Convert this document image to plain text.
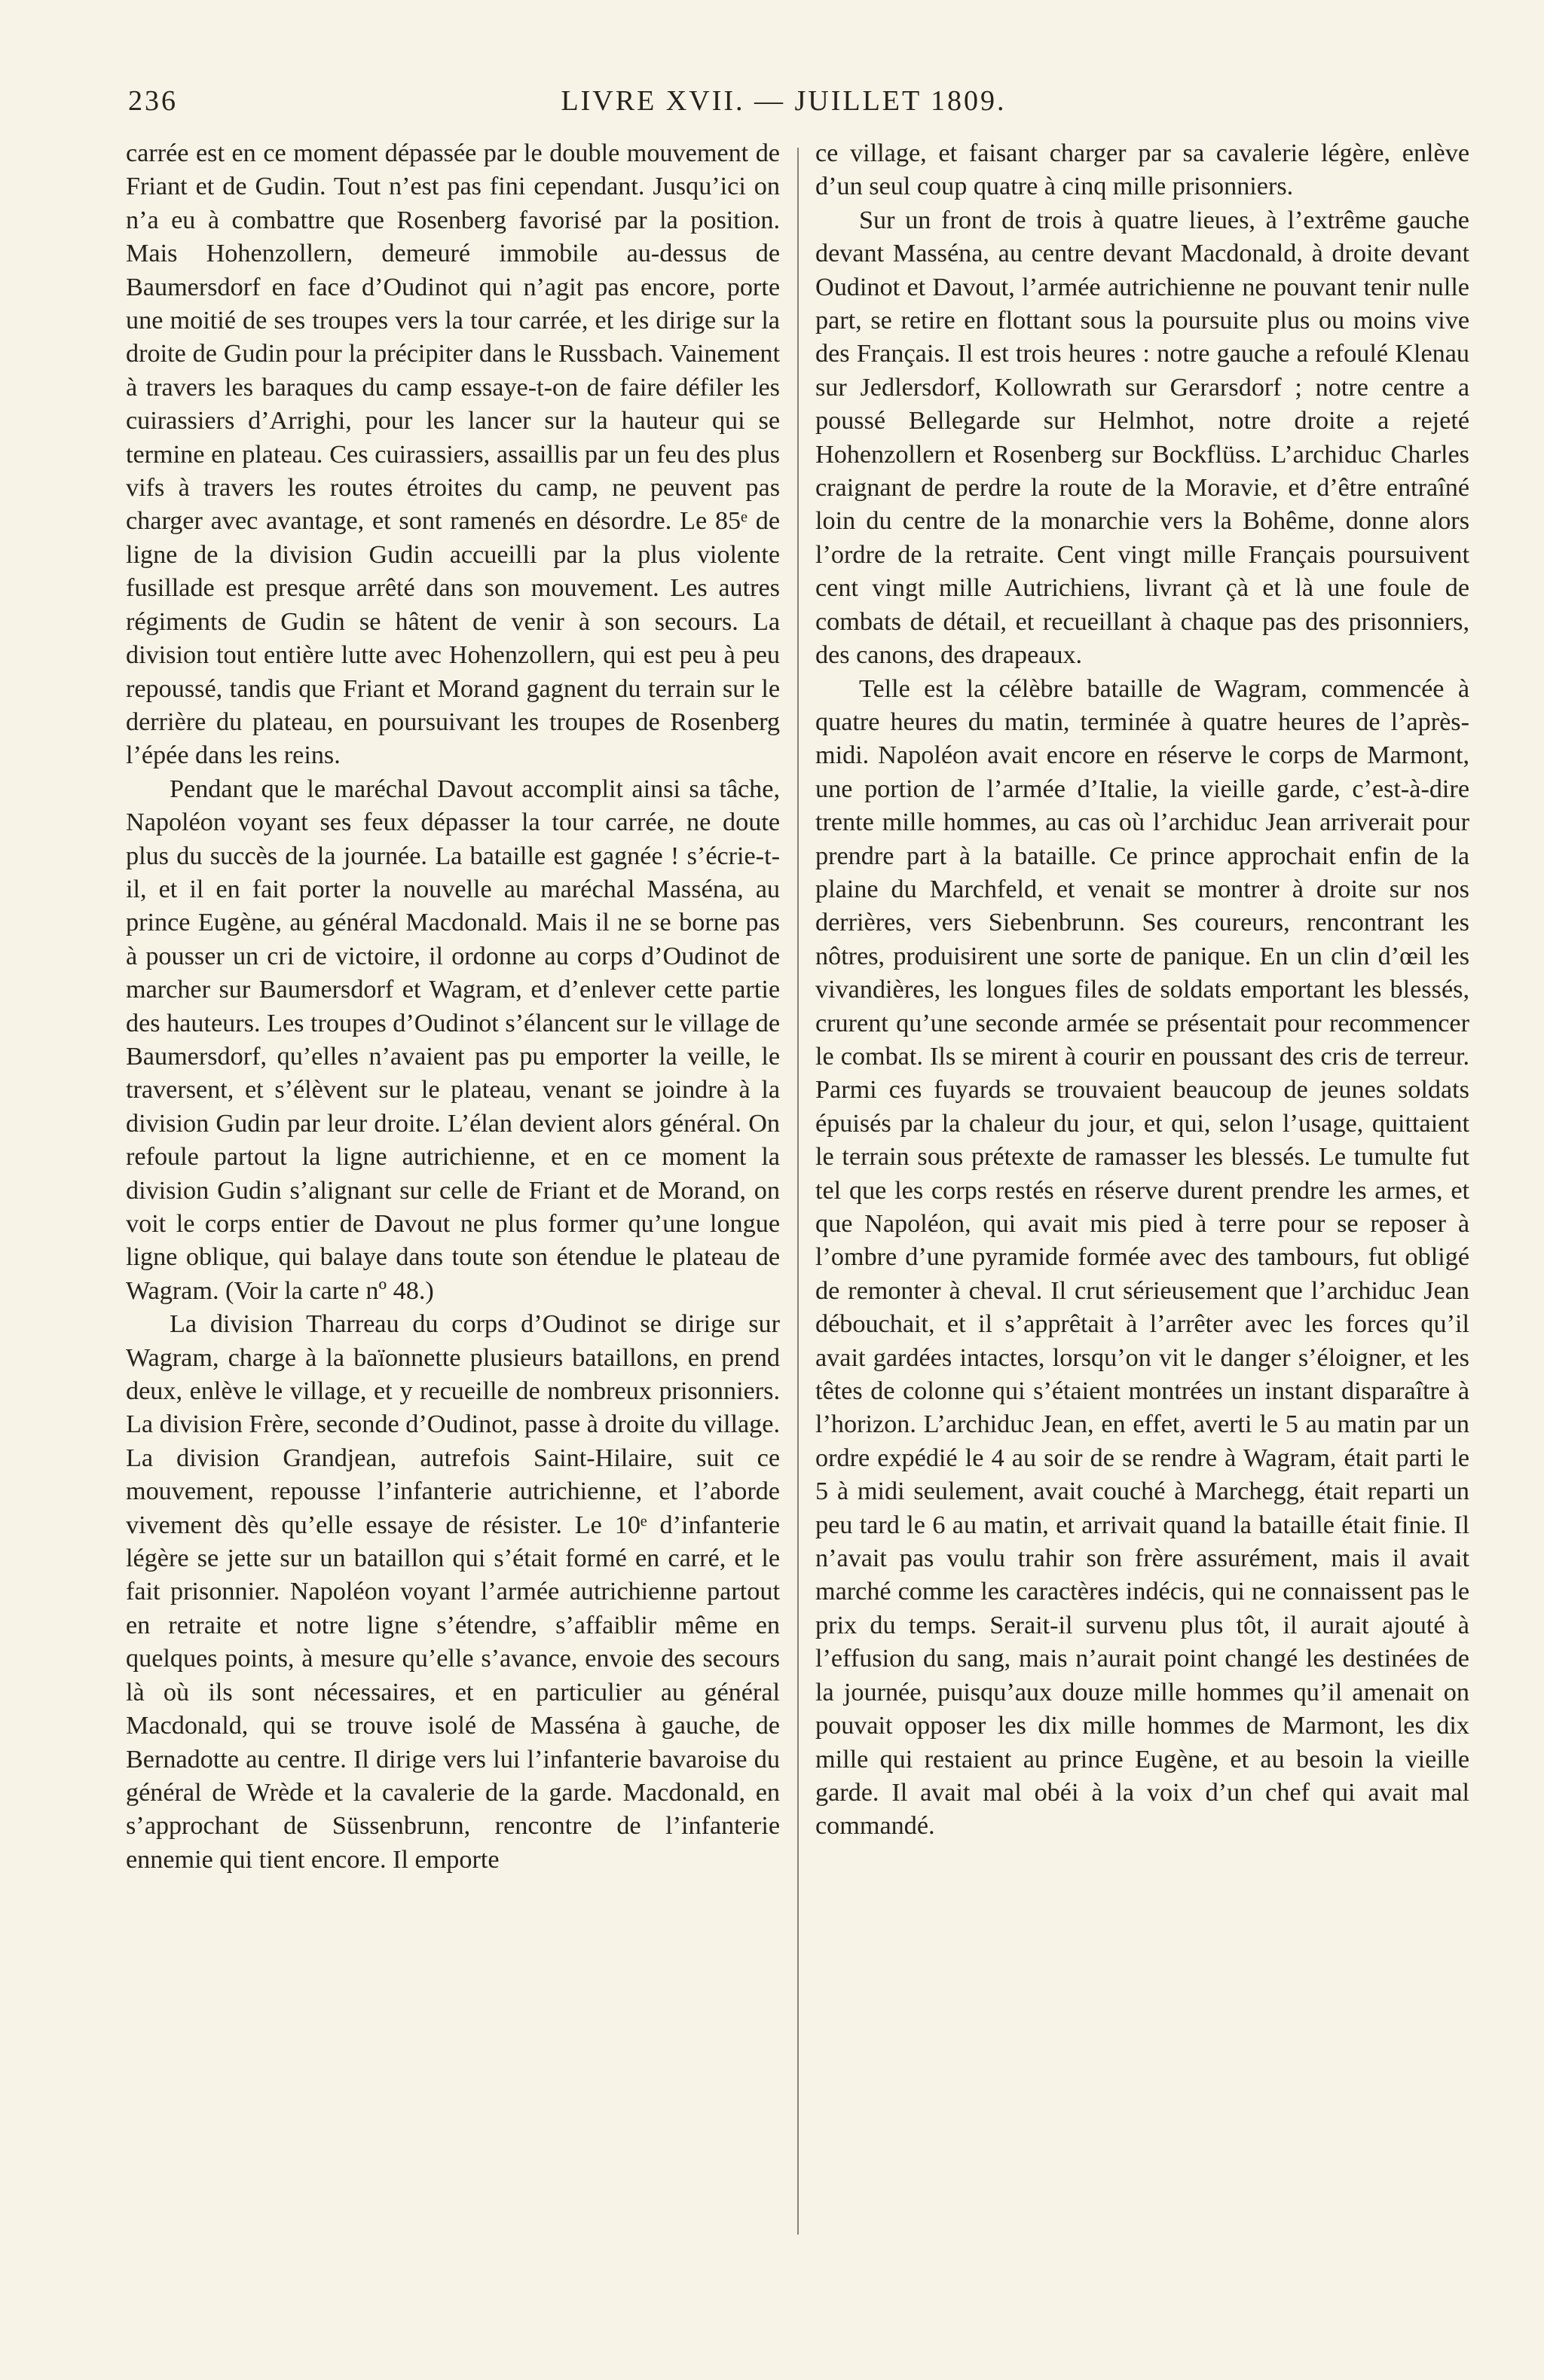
236	LIVRE XVII. — JUILLET 1809.

carrée est en ce moment dépassée par le double mouvement de Friant et de Gudin. Tout n’est pas fini cependant. Jusqu’ici on n’a eu à combattre que Rosenberg favorisé par la position. Mais Hohenzollern, demeuré immobile au-dessus de Baumersdorf en face d’Oudinot qui n’agit pas encore, porte une moitié de ses troupes vers la tour carrée, et les dirige sur la droite de Gudin pour la précipiter dans le Russbach. Vainement à travers les baraques du camp essaye-t-on de faire défiler les cuirassiers d’Arrighi, pour les lancer sur la hauteur qui se termine en plateau. Ces cuirassiers, assaillis par un feu des plus vifs à travers les routes étroites du camp, ne peuvent pas charger avec avantage, et sont ramenés en désordre. Le 85ᵉ de ligne de la division Gudin accueilli par la plus violente fusillade est presque arrêté dans son mouvement. Les autres régiments de Gudin se hâtent de venir à son secours. La division tout entière lutte avec Hohenzollern, qui est peu à peu repoussé, tandis que Friant et Morand gagnent du terrain sur le derrière du plateau, en poursuivant les troupes de Rosenberg l’épée dans les reins.

Pendant que le maréchal Davout accomplit ainsi sa tâche, Napoléon voyant ses feux dépasser la tour carrée, ne doute plus du succès de la journée. La bataille est gagnée ! s’écrie-t-il, et il en fait porter la nouvelle au maréchal Masséna, au prince Eugène, au général Macdonald. Mais il ne se borne pas à pousser un cri de victoire, il ordonne au corps d’Oudinot de marcher sur Baumersdorf et Wagram, et d’enlever cette partie des hauteurs. Les troupes d’Oudinot s’élancent sur le village de Baumersdorf, qu’elles n’avaient pas pu emporter la veille, le traversent, et s’élèvent sur le plateau, venant se joindre à la division Gudin par leur droite. L’élan devient alors général. On refoule partout la ligne autrichienne, et en ce moment la division Gudin s’alignant sur celle de Friant et de Morand, on voit le corps entier de Davout ne plus former qu’une longue ligne oblique, qui balaye dans toute son étendue le plateau de Wagram. (Voir la carte nº 48.)

La division Tharreau du corps d’Oudinot se dirige sur Wagram, charge à la baïonnette plusieurs bataillons, en prend deux, enlève le village, et y recueille de nombreux prisonniers. La division Frère, seconde d’Oudinot, passe à droite du village. La division Grandjean, autrefois Saint-Hilaire, suit ce mouvement, repousse l’infanterie autrichienne, et l’aborde vivement dès qu’elle essaye de résister. Le 10ᵉ d’infanterie légère se jette sur un bataillon qui s’était formé en carré, et le fait prisonnier. Napoléon voyant l’armée autrichienne partout en retraite et notre ligne s’étendre, s’affaiblir même en quelques points, à mesure qu’elle s’avance, envoie des secours là où ils sont nécessaires, et en particulier au général Macdonald, qui se trouve isolé de Masséna à gauche, de Bernadotte au centre. Il dirige vers lui l’infanterie bavaroise du général de Wrède et la cavalerie de la garde. Macdonald, en s’approchant de Süssenbrunn, rencontre de l’infanterie ennemie qui tient encore. Il emporte

ce village, et faisant charger par sa cavalerie légère, enlève d’un seul coup quatre à cinq mille prisonniers.

Sur un front de trois à quatre lieues, à l’extrême gauche devant Masséna, au centre devant Macdonald, à droite devant Oudinot et Davout, l’armée autrichienne ne pouvant tenir nulle part, se retire en flottant sous la poursuite plus ou moins vive des Français. Il est trois heures : notre gauche a refoulé Klenau sur Jedlersdorf, Kollowrath sur Gerarsdorf ; notre centre a poussé Bellegarde sur Helmhot, notre droite a rejeté Hohenzollern et Rosenberg sur Bockflüss. L’archiduc Charles craignant de perdre la route de la Moravie, et d’être entraîné loin du centre de la monarchie vers la Bohême, donne alors l’ordre de la retraite. Cent vingt mille Français poursuivent cent vingt mille Autrichiens, livrant çà et là une foule de combats de détail, et recueillant à chaque pas des prisonniers, des canons, des drapeaux.

Telle est la célèbre bataille de Wagram, commencée à quatre heures du matin, terminée à quatre heures de l’après-midi. Napoléon avait encore en réserve le corps de Marmont, une portion de l’armée d’Italie, la vieille garde, c’est-à-dire trente mille hommes, au cas où l’archiduc Jean arriverait pour prendre part à la bataille. Ce prince approchait enfin de la plaine du Marchfeld, et venait se montrer à droite sur nos derrières, vers Siebenbrunn. Ses coureurs, rencontrant les nôtres, produisirent une sorte de panique. En un clin d’œil les vivandières, les longues files de soldats emportant les blessés, crurent qu’une seconde armée se présentait pour recommencer le combat. Ils se mirent à courir en poussant des cris de terreur. Parmi ces fuyards se trouvaient beaucoup de jeunes soldats épuisés par la chaleur du jour, et qui, selon l’usage, quittaient le terrain sous prétexte de ramasser les blessés. Le tumulte fut tel que les corps restés en réserve durent prendre les armes, et que Napoléon, qui avait mis pied à terre pour se reposer à l’ombre d’une pyramide formée avec des tambours, fut obligé de remonter à cheval. Il crut sérieusement que l’archiduc Jean débouchait, et il s’apprêtait à l’arrêter avec les forces qu’il avait gardées intactes, lorsqu’on vit le danger s’éloigner, et les têtes de colonne qui s’étaient montrées un instant disparaître à l’horizon. L’archiduc Jean, en effet, averti le 5 au matin par un ordre expédié le 4 au soir de se rendre à Wagram, était parti le 5 à midi seulement, avait couché à Marchegg, était reparti un peu tard le 6 au matin, et arrivait quand la bataille était finie. Il n’avait pas voulu trahir son frère assurément, mais il avait marché comme les caractères indécis, qui ne connaissent pas le prix du temps. Serait-il survenu plus tôt, il aurait ajouté à l’effusion du sang, mais n’aurait point changé les destinées de la journée, puisqu’aux douze mille hommes qu’il amenait on pouvait opposer les dix mille hommes de Marmont, les dix mille qui restaient au prince Eugène, et au besoin la vieille garde. Il avait mal obéi à la voix d’un chef qui avait mal commandé.
